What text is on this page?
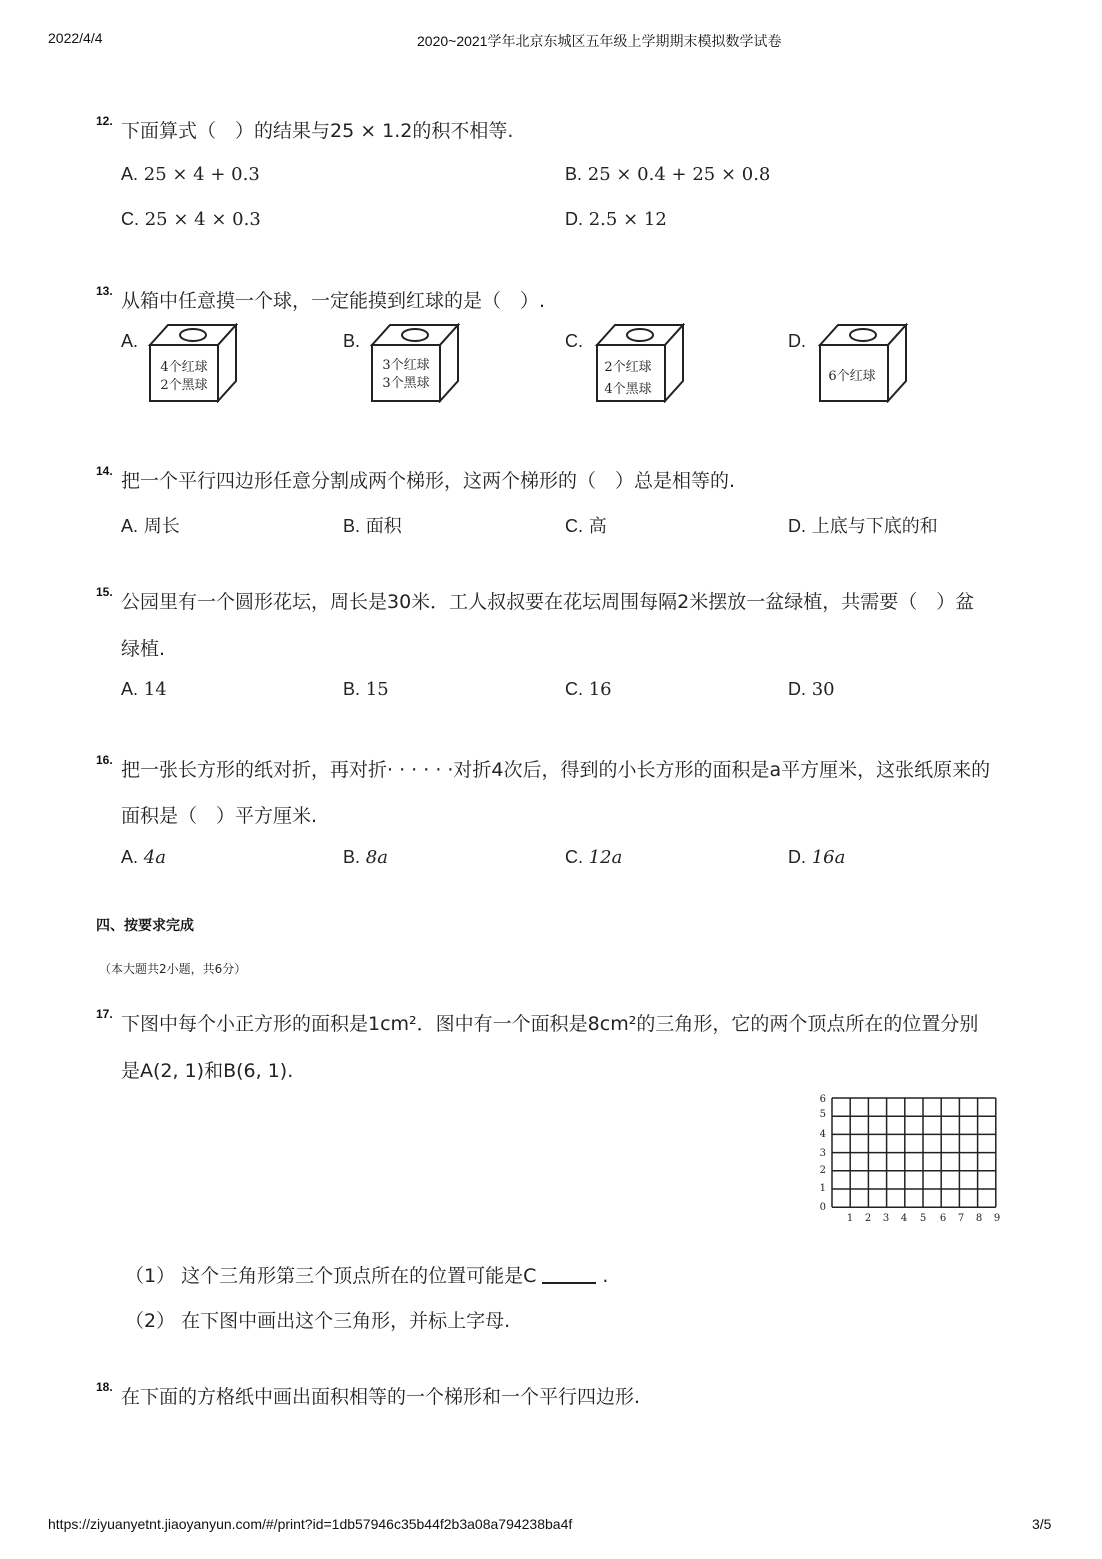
2022/4/4	2020~2021学年北京东城区五年级上学期期末模拟数学试卷
12. 下面算式（　）的结果与25 × 1.2的积不相等.
A. 25 × 4 + 0.3	B. 25 × 0.4 + 25 × 0.8
C. 25 × 4 × 0.3	D. 2.5 × 12
13. 从箱中任意摸一个球，一定能摸到红球的是（　）.
A.
4个红球
2个黑球
B.
3个红球
3个黑球
C.
2个红球
4个黑球
D.
6个红球
14. 把一个平行四边形任意分割成两个梯形，这两个梯形的（　）总是相等的.
A. 周长	B. 面积	C. 高	D. 上底与下底的和
15. 公园里有一个圆形花坛，周长是30米．工人叔叔要在花坛周围每隔2米摆放一盆绿植，共需要（　）盆
绿植.
A. 14	B. 15	C. 16	D. 30
16. 把一张长方形的纸对折，再对折· · · · · ·对折4次后，得到的小长方形的面积是a平方厘米，这张纸原来的
面积是（　）平方厘米.
A. 4a	B. 8a	C. 12a	D. 16a
四、按要求完成
（本大题共2小题，共6分）
17. 下图中每个小正方形的面积是1cm²．图中有一个面积是8cm²的三角形，它的两个顶点所在的位置分别
是A(2, 1)和B(6, 1).
6
5
4
3
2
1
0
1 2 3 4 5 6 7 8 9
（1） 这个三角形第三个顶点所在的位置可能是C	.
（2） 在下图中画出这个三角形，并标上字母.
18. 在下面的方格纸中画出面积相等的一个梯形和一个平行四边形.
https://ziyuanyetnt.jiaoyanyun.com/#/print?id=1db57946c35b44f2b3a08a794238ba4f	3/5
